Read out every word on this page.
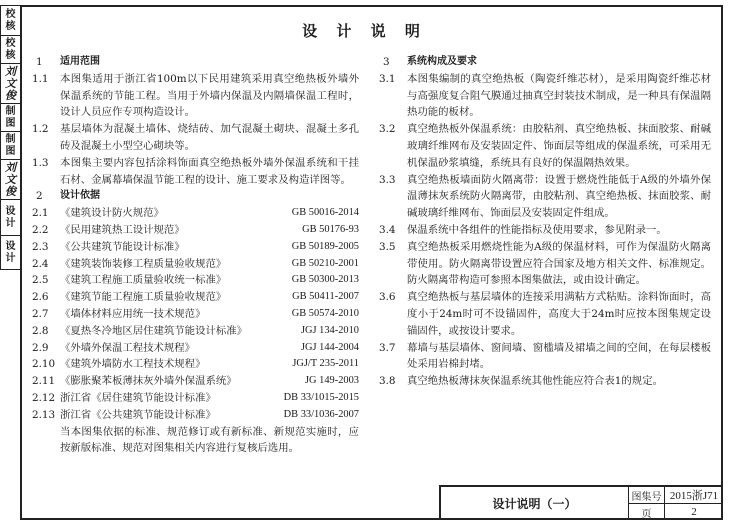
校 核
校 核
刘文俊
制 图
制 图
刘文俊
设 计
设 计
设 计 说 明
1	适用范围
1.1	本图集适用于浙江省100m以下民用建筑采用真空绝热板外墙外保温系统的节能工程。当用于外墙内保温及内隔墙保温工程时，设计人员应作专项构造设计。
1.2	基层墙体为混凝土墙体、烧结砖、加气混凝土砌块、混凝土多孔砖及混凝土小型空心砌块等。
1.3	本图集主要内容包括涂料饰面真空绝热板外墙外保温系统和干挂石材、金属幕墙保温节能工程的设计、施工要求及构造详图等。
2	设计依据
2.1	《建筑设计防火规范》	GB 50016-2014
2.2	《民用建筑热工设计规范》	GB 50176-93
2.3	《公共建筑节能设计标准》	GB 50189-2005
2.4	《建筑装饰装修工程质量验收规范》	GB 50210-2001
2.5	《建筑工程施工质量验收统一标准》	GB 50300-2013
2.6	《建筑节能工程施工质量验收规范》	GB 50411-2007
2.7	《墙体材料应用统一技术规范》	GB 50574-2010
2.8	《夏热冬冷地区居住建筑节能设计标准》	JGJ 134-2010
2.9	《外墙外保温工程技术规程》	JGJ 144-2004
2.10 《建筑外墙防水工程技术规程》	JGJ/T 235-2011
2.11 《膨胀聚苯板薄抹灰外墙外保温系统》	JG 149-2003
2.12 浙江省《居住建筑节能设计标准》	DB 33/1015-2015
2.13 浙江省《公共建筑节能设计标准》	DB 33/1036-2007
当本图集依据的标准、规范修订或有新标准、新规范实施时，应按新版标准、规范对图集相关内容进行复核后选用。
3	系统构成及要求
3.1	本图集编制的真空绝热板（陶瓷纤维芯材），是采用陶瓷纤维芯材与高强度复合阻气膜通过抽真空封装技术制成，是一种具有保温隔热功能的板材。
3.2	真空绝热板外保温系统：由胶粘剂、真空绝热板、抹面胶浆、耐碱玻璃纤维网布及安装固定件、饰面层等组成的保温系统，可采用无机保温砂浆填缝，系统具有良好的保温隔热效果。
3.3	真空绝热板墙面防火隔离带：设置于燃烧性能低于A级的外墙外保温薄抹灰系统防火隔离带，由胶粘剂、真空绝热板、抹面胶浆、耐碱玻璃纤维网布、饰面层及安装固定件组成。
3.4	保温系统中各组件的性能指标及使用要求，参见附录一。
3.5	真空绝热板采用燃烧性能为A级的保温材料，可作为保温防火隔离带使用。防火隔离带设置应符合国家及地方相关文件、标准规定。防火隔离带构造可参照本图集做法，或由设计确定。
3.6	真空绝热板与基层墙体的连接采用满粘方式粘贴。涂料饰面时，高度小于24m时可不设锚固件，高度大于24m时应按本图集规定设锚固件，或按设计要求。
3.7	幕墙与基层墙体、窗间墙、窗槛墙及裙墙之间的空间，在每层楼板处采用岩棉封堵。
3.8	真空绝热板薄抹灰保温系统其他性能应符合表1的规定。
设计说明（一）	图集号 2015浙J71
页	2
